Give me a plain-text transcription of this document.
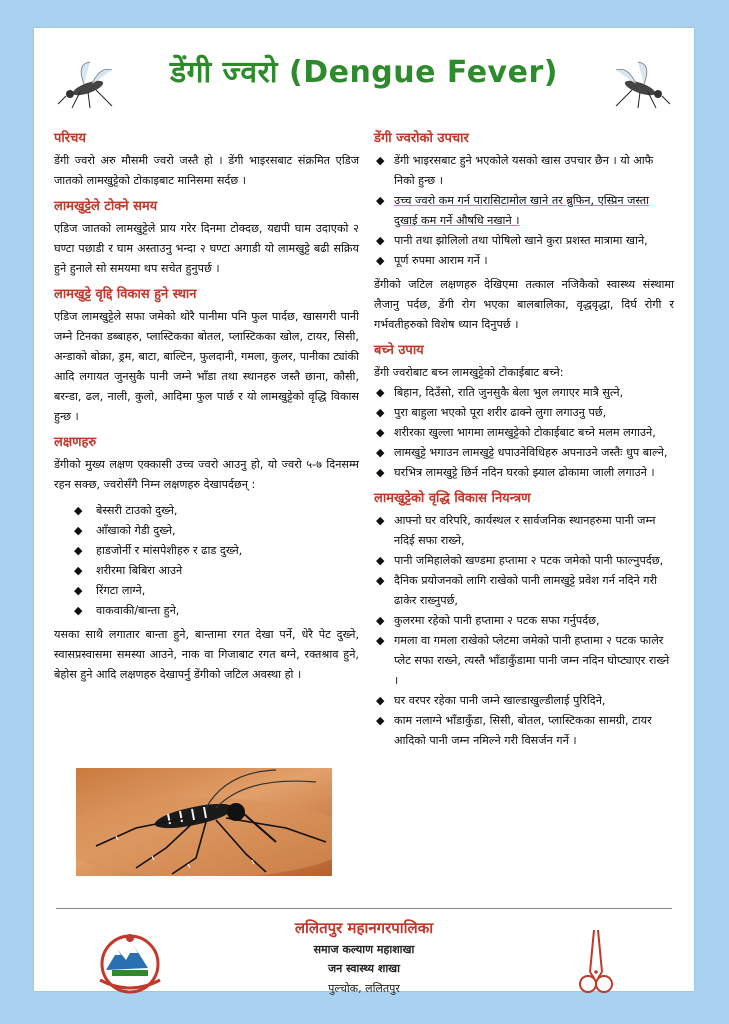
डेंगी ज्वरो (Dengue Fever)
परिचय

डेंगी ज्वरो अरु मौसमी ज्वरो जस्तै हो । डेंगी भाइरसबाट संक्रमित एडिज जातको लामखुट्टेको टोकाइबाट मानिसमा सर्दछ ।

लामखुट्टेले टोक्ने समय

एडिज जातको लामखुट्टेले प्राय गरेर दिनमा टोक्दछ, यद्यपी घाम उदाएको २ घण्टा पछाडी र घाम अस्ताउनु भन्दा २ घण्टा अगाडी यो लामखुट्टे बढी सक्रिय हुने हुनाले सो समयमा थप सचेत हुनुपर्छ ।

लामखुट्टे वृद्दि विकास हुने स्थान

एडिज लामखुट्टेले सफा जमेको थोरै पानीमा पनि फुल पार्दछ, खासगरी पानी जम्ने टिनका डब्बाहरु, प्लास्टिकका बोतल, प्लास्टिकका खोल, टायर, सिसी, अन्डाको बोक्रा, ड्रम, बाटा, बाल्टिन, फुलदानी, गमला, कुलर, पानीका ट्यांकी आदि लगायत जुनसुकै पानी जम्ने भाँडा तथा स्थानहरु जस्तै छाना, कौसी, बरन्डा, ढल, नाली, कुलो, आदिमा फुल पार्छ र यो लामखुट्टेको वृद्धि विकास हुन्छ ।

लक्षणहरु

डेंगीको मुख्य लक्षण एक्कासी उच्च ज्वरो आउनु हो, यो ज्वरो ५-७ दिनसम्म रहन सक्छ, ज्वरोसँगै निम्न लक्षणहरु देखापर्दछन् :

◆ बेस्सरी टाउको दुख्ने,
◆ आँखाको गेडी दुख्ने,
◆ हाडजोर्नी र मांसपेशीहरु र ढाड दुख्ने,
◆ शरीरमा बिबिरा आउने
◆ रिंगटा लाग्ने,
◆ वाकवाकी/बान्ता हुने,

यसका साथै लगातार बान्ता हुने, बान्तामा रगत देखा पर्ने, धेरै पेट दुख्ने, स्वासप्रस्वासमा समस्या आउने, नाक वा गिजाबाट रगत बग्ने, रक्तश्राव हुने, बेहोस हुने आदि लक्षणहरु देखापर्नु डेंगीको जटिल अवस्था हो ।

डेंगी ज्वरोको उपचार
◆ डेंगी भाइरसबाट हुने भएकोले यसको खास उपचार छैन । यो आफै निको हुन्छ ।
◆ उच्च ज्वरो कम गर्न पारासिटामोल खाने तर ब्रुफिन, एस्प्रिन जस्ता दुखाई कम गर्ने औषधि नखाने ।
◆ पानी तथा झोलिलो तथा पोषिलो खाने कुरा प्रशस्त मात्रामा खाने,
◆ पूर्ण रुपमा आराम गर्ने ।

डेंगीको जटिल लक्षणहरु देखिएमा तत्काल नजिकैको स्वास्थ्य संस्थामा लैजानु पर्दछ, डेंगी रोग भएका बालबालिका, वृद्धवृद्धा, दिर्घ रोगी र गर्भवतीहरुको विशेष ध्यान दिनुपर्छ ।

बच्ने उपाय

डेंगी ज्वरोबाट बच्न लामखुट्टेको टोकाईबाट बच्ने:

◆ बिहान, दिउँसो, राति जुनसुकै बेला भुल लगाएर मात्रै सुत्ने,
◆ पुरा बाहुला भएको पूरा शरीर ढाक्ने लुगा लगाउनु पर्छ,
◆ शरीरका खुल्ला भागमा लामखुट्टेको टोकाईबाट बच्ने मलम लगाउने,
◆ लामखुट्टे भगाउन लामखुट्टे धपाउनेविधिहरु अपनाउने जस्तैः धुप बाल्ने,
◆ घरभित्र लामखुट्टे छिर्न नदिन घरको झ्याल ढोकामा जाली लगाउने ।
लामखुट्टेको वृद्धि विकास नियन्त्रण
◆ आफ्नो घर वरिपरि, कार्यस्थल र सार्वजनिक स्थानहरुमा पानी जम्न नदिई सफा राख्ने,
◆ पानी जमिहालेको खण्डमा हप्तामा २ पटक जमेको पानी फाल्नुपर्दछ,
◆ दैनिक प्रयोजनको लागि राखेको पानी लामखुट्टे प्रवेश गर्न नदिने गरी ढाकेर राख्नुपर्छ,
◆ कुलरमा रहेको पानी हप्तामा २ पटक सफा गर्नुपर्दछ,
◆ गमला वा गमला राखेको प्लेटमा जमेको पानी हप्तामा २ पटक फालेर प्लेट सफा राख्ने, त्यस्तै भाँडाकुँडामा पानी जम्न नदिन घोप्ट्याएर राख्ने ।
◆ घर वरपर रहेका पानी जम्ने खाल्डाखुल्डीलाई पुरिदिने,
◆ काम नलाग्ने भाँडाकुँडा, सिसी, बोतल, प्लास्टिकका सामग्री, टायर आदिको पानी जम्न नमिल्ने गरी विसर्जन गर्ने ।
ललितपुर महानगरपालिका
समाज कल्याण महाशाखा
जन स्वास्थ्य शाखा
पुल्चोक, ललितपुर
